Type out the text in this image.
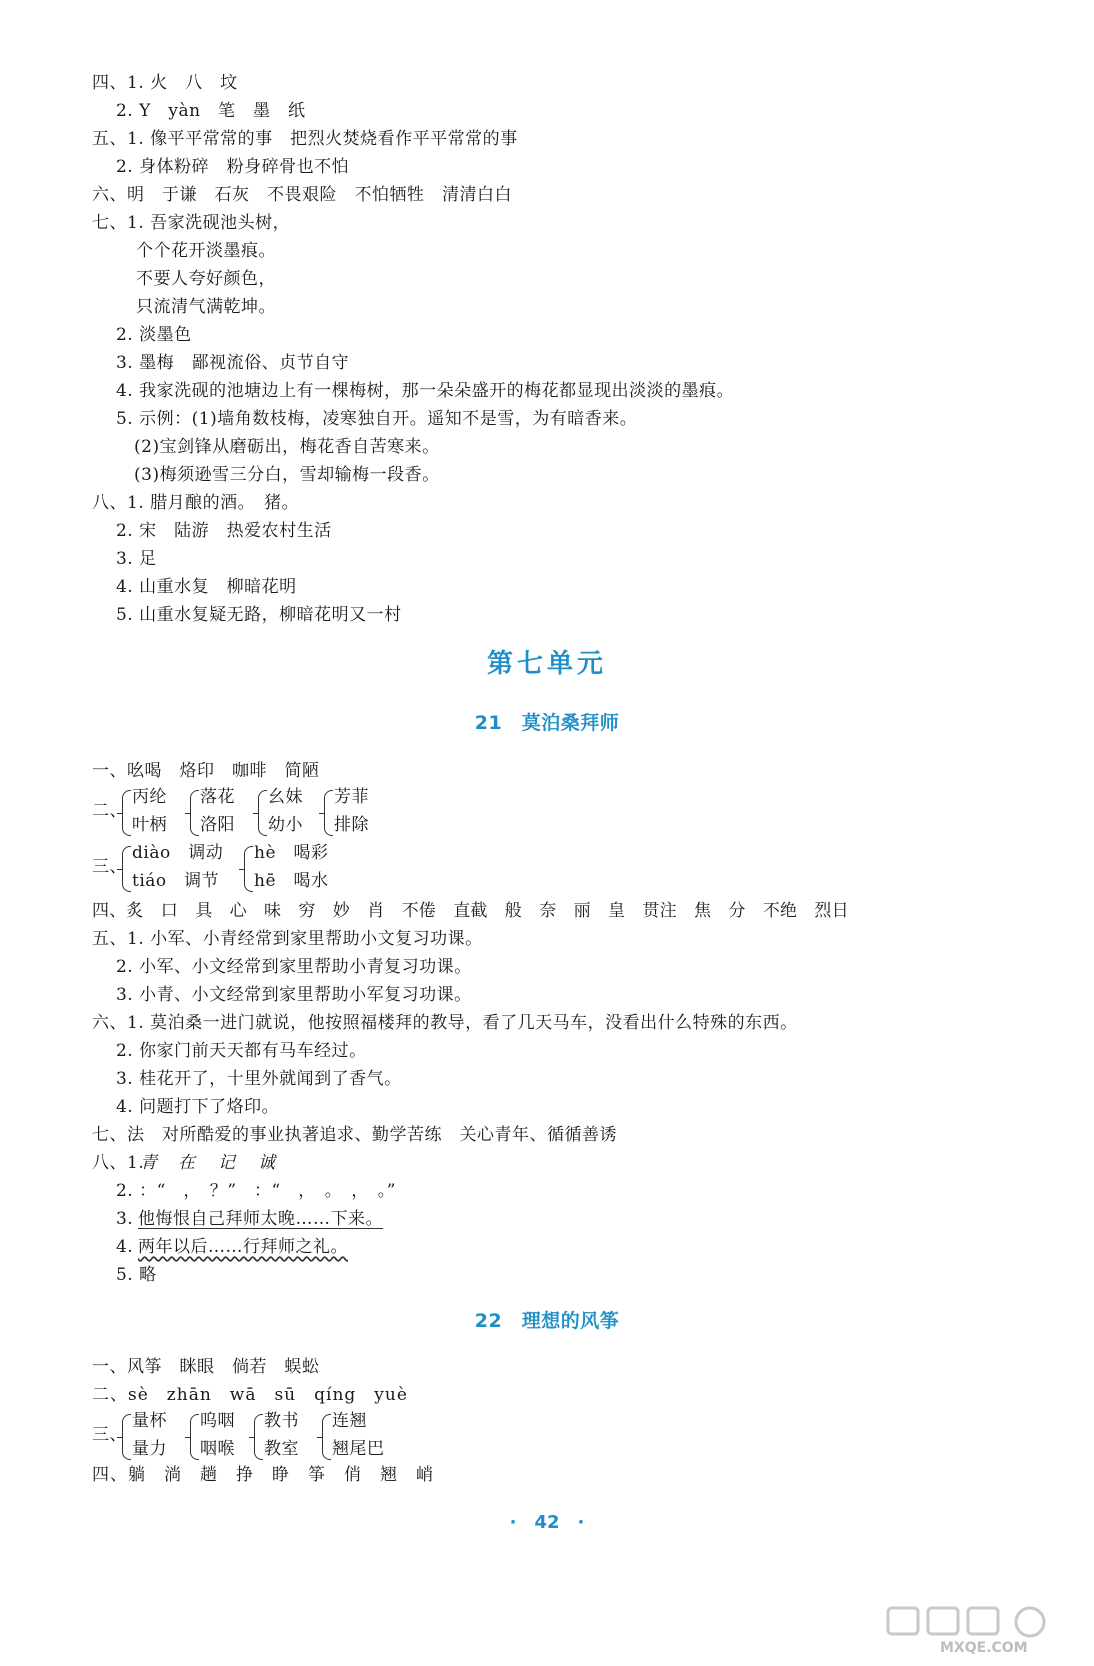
四、1. 火　八　坟
2. Y　yàn　笔　墨　纸
五、1. 像平平常常的事　把烈火焚烧看作平平常常的事
2. 身体粉碎　粉身碎骨也不怕
六、明　于谦　石灰　不畏艰险　不怕牺牲　清清白白
七、1. 吾家洗砚池头树，
个个花开淡墨痕。
不要人夸好颜色，
只流清气满乾坤。
2. 淡墨色
3. 墨梅　鄙视流俗、贞节自守
4. 我家洗砚的池塘边上有一棵梅树，那一朵朵盛开的梅花都显现出淡淡的墨痕。
5. 示例：(1)墙角数枝梅，凌寒独自开。遥知不是雪，为有暗香来。
(2)宝剑锋从磨砺出，梅花香自苦寒来。
(3)梅须逊雪三分白，雪却输梅一段香。
八、1. 腊月酿的酒。　猪。
2. 宋　陆游　热爱农村生活
3. 足
4. 山重水复　柳暗花明
5. 山重水复疑无路，柳暗花明又一村
第七单元
21　莫泊桑拜师
一、吆喝　烙印　咖啡　简陋
二、
丙纶
叶柄
落花
洛阳
幺妹
幼小
芳菲
排除
三、
diào　调动
tiáo　调节
hè　喝彩
hē　喝水
四、炙　口　具　心　味　穷　妙　肖　不倦　直截　般　奈　丽　皇　贯注　焦　分　不绝　烈日
五、1. 小军、小青经常到家里帮助小文复习功课。
2. 小军、小文经常到家里帮助小青复习功课。
3. 小青、小文经常到家里帮助小军复习功课。
六、1. 莫泊桑一进门就说，他按照福楼拜的教导，看了几天马车，没看出什么特殊的东西。
2. 你家门前天天都有马车经过。
3. 桂花开了，十里外就闻到了香气。
4. 问题打下了烙印。
七、法　对所酷爱的事业执著追求、勤学苦练　关心青年、循循善诱
八、1.
青 在 记 诚
2. ：“　，　？”　：“　，　。　，　。”
3. 他悔恨自己拜师太晚……下来。
4. 两年以后……行拜师之礼。
5. 略
22　理想的风筝
一、风筝　眯眼　倘若　蜈蚣
二、sè　zhān　wā　sū　qíng　yuè
三、
量杯
量力
呜咽
咽喉
教书
教室
连翘
翘尾巴
四、躺　淌　趟　挣　睁　筝　俏　翘　峭
·　42　·
MXQE.COM
